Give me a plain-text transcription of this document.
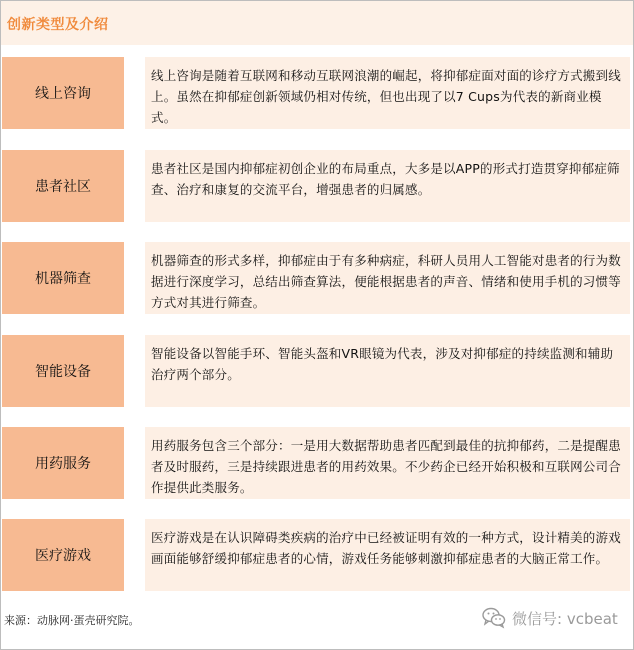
创新类型及介绍
线上咨询
线上咨询是随着互联网和移动互联网浪潮的崛起，将抑郁症面对面的诊疗方式搬到线上。虽然在抑郁症创新领域仍相对传统，但也出现了以7 Cups为代表的新商业模式。
患者社区
患者社区是国内抑郁症初创企业的布局重点，大多是以APP的形式打造贯穿抑郁症筛查、治疗和康复的交流平台，增强患者的归属感。
机器筛查
机器筛查的形式多样，抑郁症由于有多种病症，科研人员用人工智能对患者的行为数据进行深度学习，总结出筛查算法，便能根据患者的声音、情绪和使用手机的习惯等方式对其进行筛查。
智能设备
智能设备以智能手环、智能头盔和VR眼镜为代表，涉及对抑郁症的持续监测和辅助治疗两个部分。
用药服务
用药服务包含三个部分：一是用大数据帮助患者匹配到最佳的抗抑郁药，二是提醒患者及时服药，三是持续跟进患者的用药效果。不少药企已经开始积极和互联网公司合作提供此类服务。
医疗游戏
医疗游戏是在认识障碍类疾病的治疗中已经被证明有效的一种方式，设计精美的游戏画面能够舒缓抑郁症患者的心情，游戏任务能够刺激抑郁症患者的大脑正常工作。
来源：动脉网·蛋壳研究院。	微信号: vcbeat
